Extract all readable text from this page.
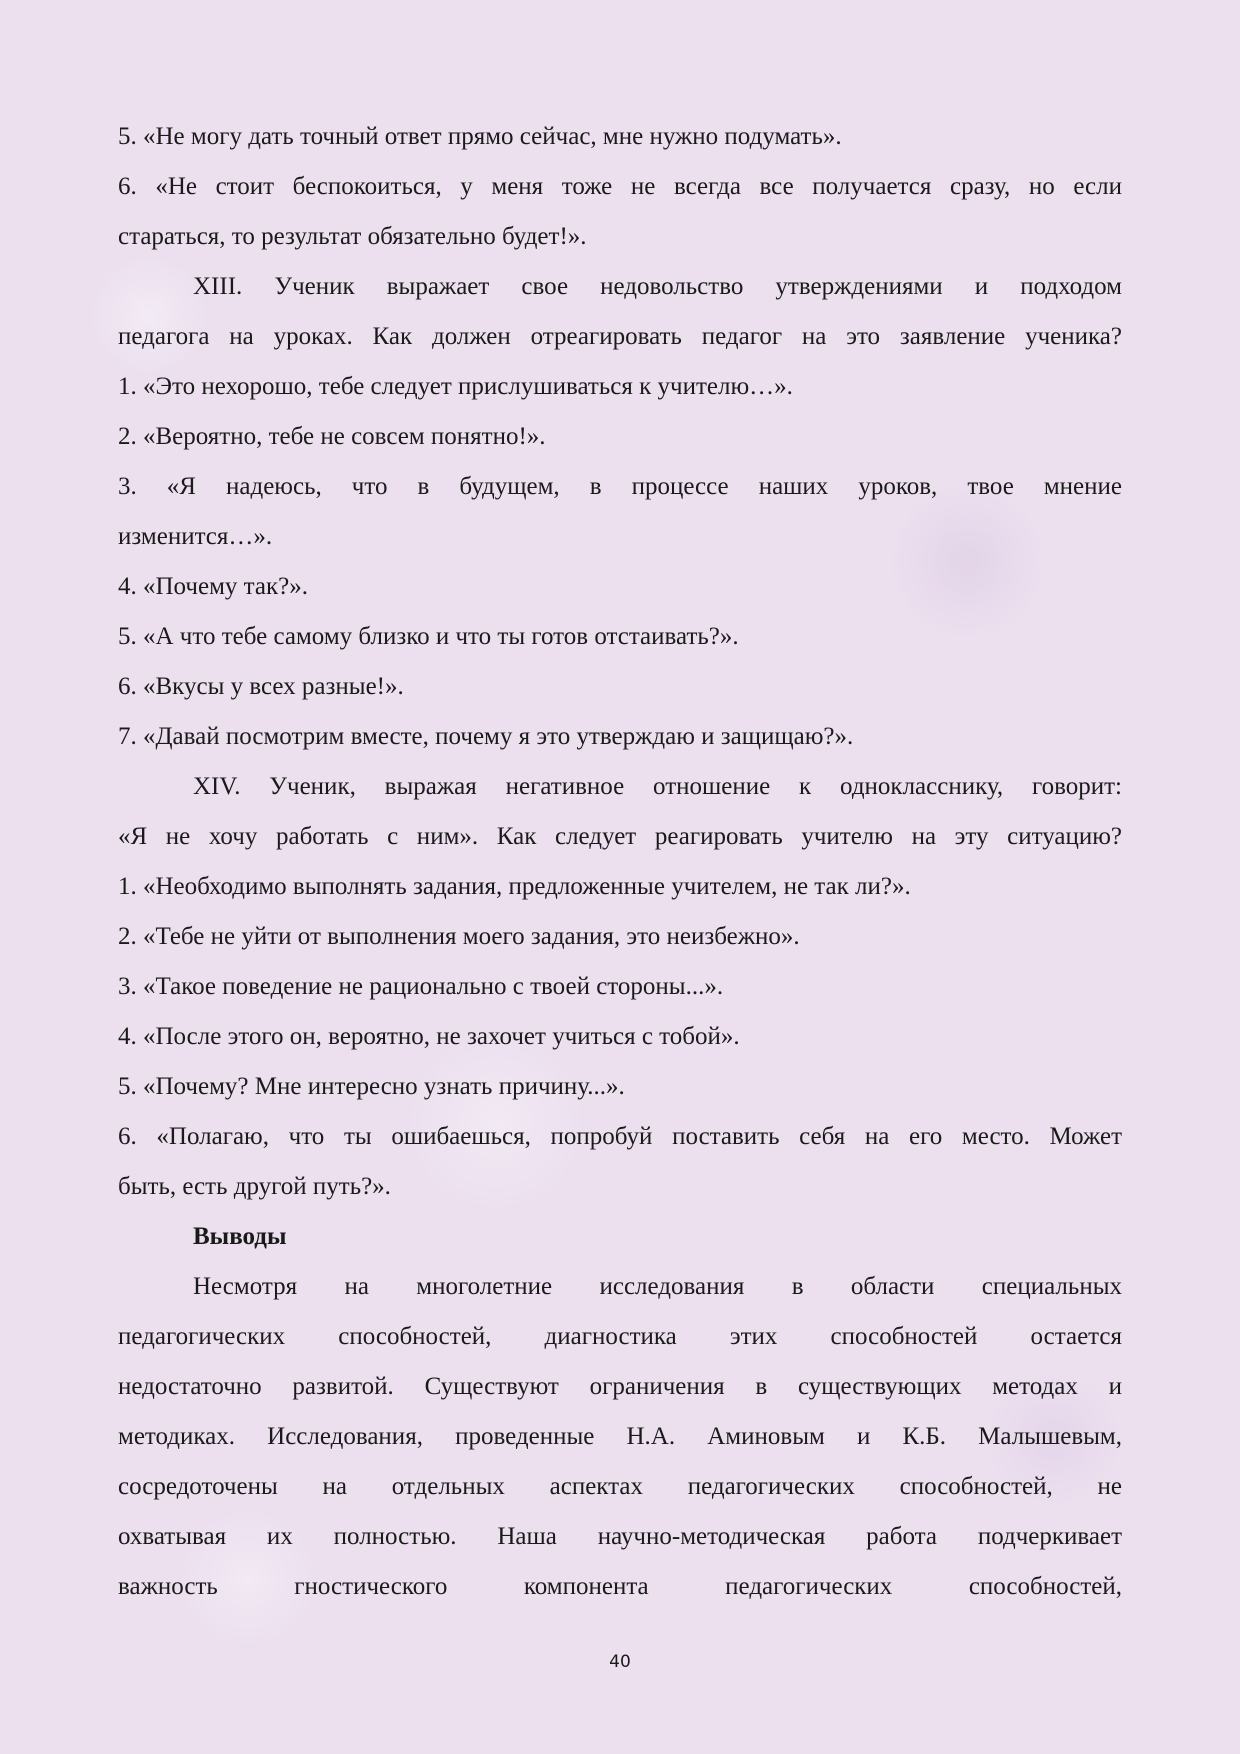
5. «Не могу дать точный ответ прямо сейчас, мне нужно подумать».
6. «Не стоит беспокоиться, у меня тоже не всегда все получается сразу, но если
стараться, то результат обязательно будет!».
XIII. Ученик выражает свое недовольство утверждениями и подходом
педагога на уроках. Как должен отреагировать педагог на это заявление ученика?
1. «Это нехорошо, тебе следует прислушиваться к учителю…».
2. «Вероятно, тебе не совсем понятно!».
3. «Я надеюсь, что в будущем, в процессе наших уроков, твое мнение
изменится…».
4. «Почему так?».
5. «А что тебе самому близко и что ты готов отстаивать?».
6. «Вкусы у всех разные!».
7. «Давай посмотрим вместе, почему я это утверждаю и защищаю?».
XIV. Ученик, выражая негативное отношение к однокласснику, говорит:
«Я не хочу работать с ним». Как следует реагировать учителю на эту ситуацию?
1. «Необходимо выполнять задания, предложенные учителем, не так ли?».
2. «Тебе не уйти от выполнения моего задания, это неизбежно».
3. «Такое поведение не рационально с твоей стороны...».
4. «После этого он, вероятно, не захочет учиться с тобой».
5. «Почему? Мне интересно узнать причину...».
6. «Полагаю, что ты ошибаешься, попробуй поставить себя на его место. Может
быть, есть другой путь?».
Выводы
Несмотря на многолетние исследования в области специальных
педагогических способностей, диагностика этих способностей остается
недостаточно развитой. Существуют ограничения в существующих методах и
методиках. Исследования, проведенные Н.А. Аминовым и К.Б. Малышевым,
сосредоточены на отдельных аспектах педагогических способностей, не
охватывая их полностью. Наша научно-методическая работа подчеркивает
важность гностического компонента педагогических способностей,
40
